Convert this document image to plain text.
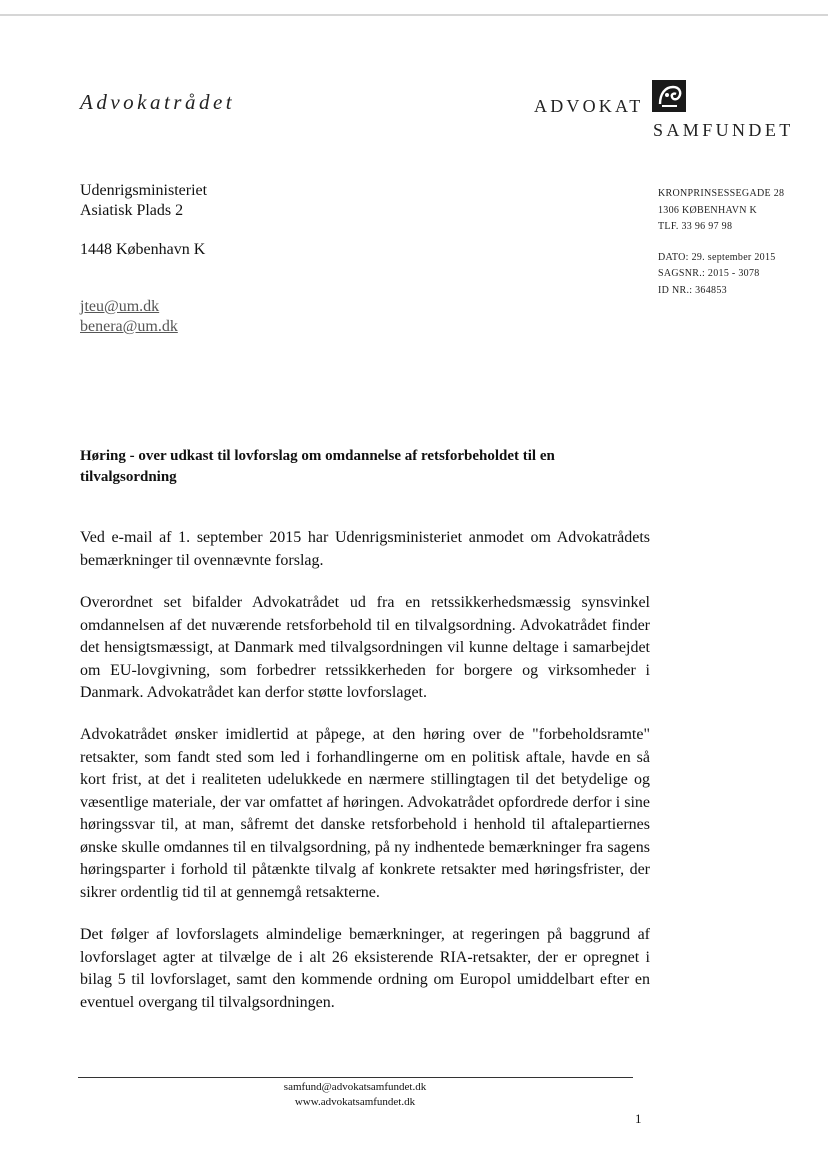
Advokatrådet	ADVOKAT
SAMFUNDET
Udenrigsministeriet
Asiatisk Plads 2
1448 København K
jteu@um.dk
benera@um.dk
KRONPRINSESSEGADE 28
1306 KØBENHAVN K
TLF. 33 96 97 98
DATO: 29. september 2015
SAGSNR.: 2015 - 3078
ID NR.: 364853
Høring - over udkast til lovforslag om omdannelse af retsforbeholdet til en tilvalgsordning

Ved e-mail af 1. september 2015 har Udenrigsministeriet anmodet om Advokatrådets bemærkninger til ovennævnte forslag.

Overordnet set bifalder Advokatrådet ud fra en retssikkerhedsmæssig synsvinkel omdannelsen af det nuværende retsforbehold til en tilvalgsordning. Advokatrådet finder det hensigtsmæssigt, at Danmark med tilvalgsordningen vil kunne deltage i samarbejdet om EU-lovgivning, som forbedrer retssikkerheden for borgere og virksomheder i Danmark. Advokatrådet kan derfor støtte lovforslaget.

Advokatrådet ønsker imidlertid at påpege, at den høring over de "forbeholdsramte" retsakter, som fandt sted som led i forhandlingerne om en politisk aftale, havde en så kort frist, at det i realiteten udelukkede en nærmere stillingtagen til det betydelige og væsentlige materiale, der var omfattet af høringen. Advokatrådet opfordrede derfor i sine høringssvar til, at man, såfremt det danske retsforbehold i henhold til aftalepartiernes ønske skulle omdannes til en tilvalgsordning, på ny indhentede bemærkninger fra sagens høringsparter i forhold til påtænkte tilvalg af konkrete retsakter med høringsfrister, der sikrer ordentlig tid til at gennemgå retsakterne.

Det følger af lovforslagets almindelige bemærkninger, at regeringen på baggrund af lovforslaget agter at tilvælge de i alt 26 eksisterende RIA-retsakter, der er opregnet i bilag 5 til lovforslaget, samt den kommende ordning om Europol umiddelbart efter en eventuel overgang til tilvalgsordningen.

samfund@advokatsamfundet.dk
www.advokatsamfundet.dk
1
